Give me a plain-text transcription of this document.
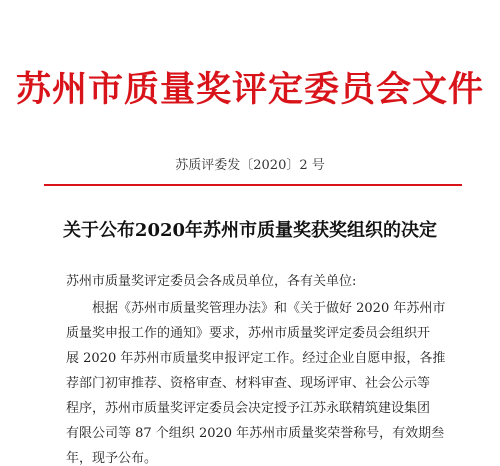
苏州市质量奖评定委员会文件
苏质评委发〔2020〕2 号
关于公布2020年苏州市质量奖获奖组织的决定
苏州市质量奖评定委员会各成员单位，各有关单位:
根据《苏州市质量奖管理办法》和《关于做好 2020 年苏州市
质量奖申报工作的通知》要求，苏州市质量奖评定委员会组织开
展 2020 年苏州市质量奖申报评定工作。经过企业自愿申报，各推
荐部门初审推荐、资格审查、材料审查、现场评审、社会公示等
程序，苏州市质量奖评定委员会决定授予江苏永联精筑建设集团
有限公司等 87 个组织 2020 年苏州市质量奖荣誉称号，有效期叁
年，现予公布。
